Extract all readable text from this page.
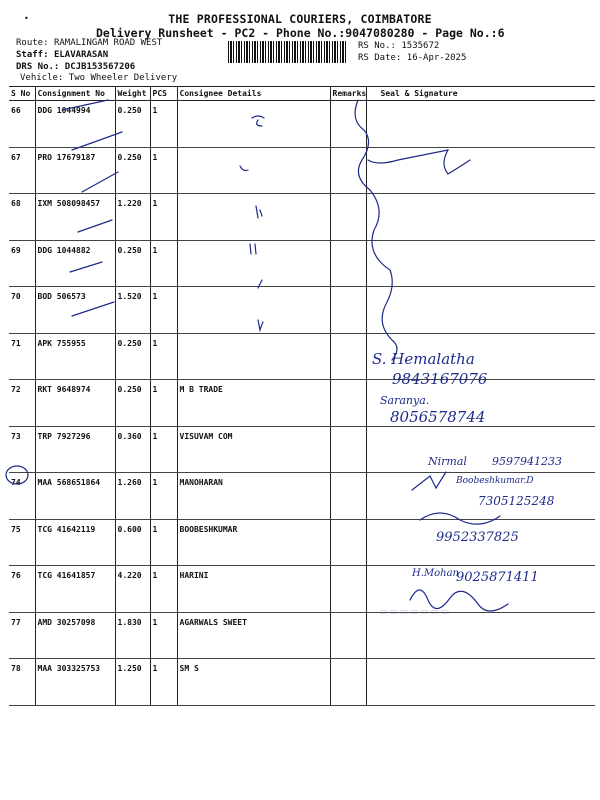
•	THE PROFESSIONAL COURIERS, COIMBATORE
Delivery Runsheet - PC2 - Phone No.:9047080280 - Page No.:6
Route: RAMALINGAM ROAD WEST
Staff: ELAVARASAN
DRS No.: DCJB153567206
Vehicle: Two Wheeler Delivery
RS No.: 1535672
RS Date: 16-Apr-2025
S No	Consignment No	Weight	PCS	Consignee Details	Remarks	Seal & Signature
66	DDG 1044994	0.250	1			
67	PRO 17679187	0.250	1			
68	IXM 508098457	1.220	1			
69	DDG 1044882	0.250	1			
70	BOD 506573	1.520	1			
71	APK 755955	0.250	1			
72	RKT 9648974	0.250	1	M B TRADE		
73	TRP 7927296	0.360	1	VISUVAM COM		
74	MAA 568651864	1.260	1	MANOHARAN		
75	TCG 41642119	0.600	1	BOOBESHKUMAR		
76	TCG 41641857	4.220	1	HARINI		
77	AMD 30257098	1.830	1	AGARWALS SWEET		
78	MAA 303325753	1.250	1	SM S		
S. Hemalatha
9843167076
Saranya.
8056578744
Nirmal 9597941233
Boobeshkumar.D
7305125248
9952337825
H.Mohan
9025871411
▭▭▭▭▭▭▭
